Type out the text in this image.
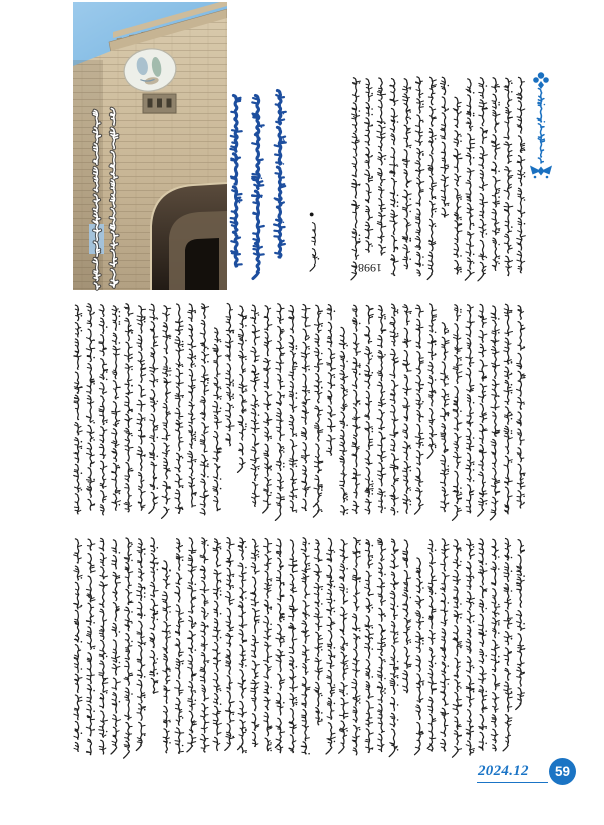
1998
●
2024.12	59
